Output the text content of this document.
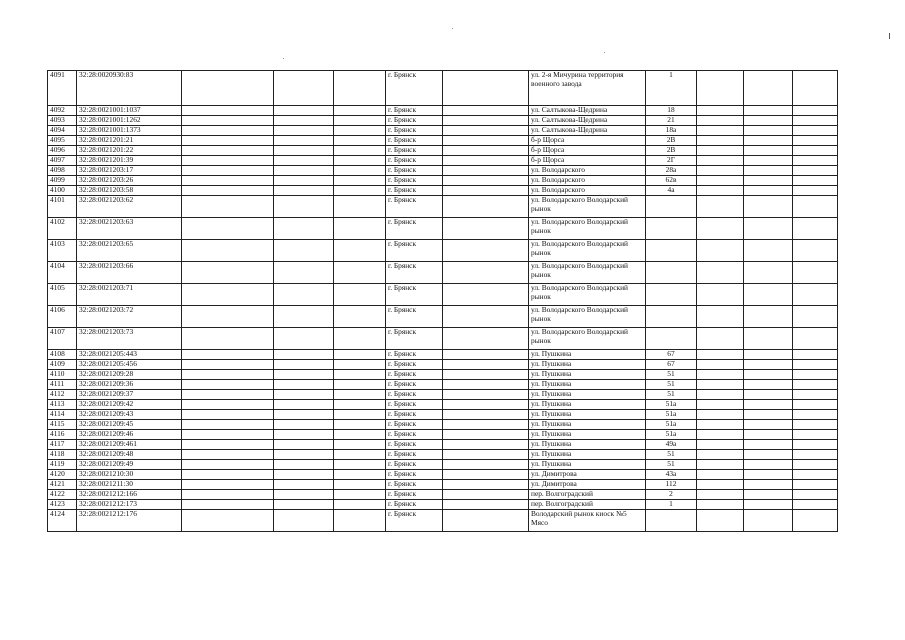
4091	32:28:0020930:83				г. Брянск		ул. 2-я Мичурина территория военного завода	1			
4092	32:28:0021001:1037				г. Брянск		ул. Салтыкова-Щедрина	18			
4093	32:28:0021001:1262				г. Брянск		ул. Салтыкова-Щедрина	21			
4094	32:28:0021001:1373				г. Брянск		ул. Салтыкова-Щедрина	18а			
4095	32:28:0021201:21				г. Брянск		б-р Щорса	2В			
4096	32:28:0021201:22				г. Брянск		б-р Щорса	2В			
4097	32:28:0021201:39				г. Брянск		б-р Щорса	2Г			
4098	32:28:0021203:17				г. Брянск		ул. Володарского	28а			
4099	32:28:0021203:26				г. Брянск		ул. Володарского	62в			
4100	32:28:0021203:58				г. Брянск		ул. Володарского	4а			
4101	32:28:0021203:62				г. Брянск		ул. Володарского Володарский рынок				
4102	32:28:0021203:63				г. Брянск		ул. Володарского Володарский рынок				
4103	32:28:0021203:65				г. Брянск		ул. Володарского Володарский рынок				
4104	32:28:0021203:66				г. Брянск		ул. Володарского Володарский рынок				
4105	32:28:0021203:71				г. Брянск		ул. Володарского Володарский рынок				
4106	32:28:0021203:72				г. Брянск		ул. Володарского Володарский рынок				
4107	32:28:0021203:73				г. Брянск		ул. Володарского Володарский рынок				
4108	32:28:0021205:443				г. Брянск		ул. Пушкина	67			
4109	32:28:0021205:456				г. Брянск		ул. Пушкина	67			
4110	32:28:0021209:28				г. Брянск		ул. Пушкина	51			
4111	32:28:0021209:36				г. Брянск		ул. Пушкина	51			
4112	32:28:0021209:37				г. Брянск		ул. Пушкина	51			
4113	32:28:0021209:42				г. Брянск		ул. Пушкина	51а			
4114	32:28:0021209:43				г. Брянск		ул. Пушкина	51а			
4115	32:28:0021209:45				г. Брянск		ул. Пушкина	51а			
4116	32:28:0021209:46				г. Брянск		ул. Пушкина	51а			
4117	32:28:0021209:461				г. Брянск		ул. Пушкина	49а			
4118	32:28:0021209:48				г. Брянск		ул. Пушкина	51			
4119	32:28:0021209:49				г. Брянск		ул. Пушкина	51			
4120	32:28:0021210:30				г. Брянск		ул. Димитрова	43а			
4121	32:28:0021211:30				г. Брянск		ул. Димитрова	112			
4122	32:28:0021212:166				г. Брянск		пер. Волгоградский	2			
4123	32:28:0021212:173				г. Брянск		пер. Волгоградский	1			
4124	32:28:0021212:176				г. Брянск		Володарский рынок киоск №5 Мясо				
